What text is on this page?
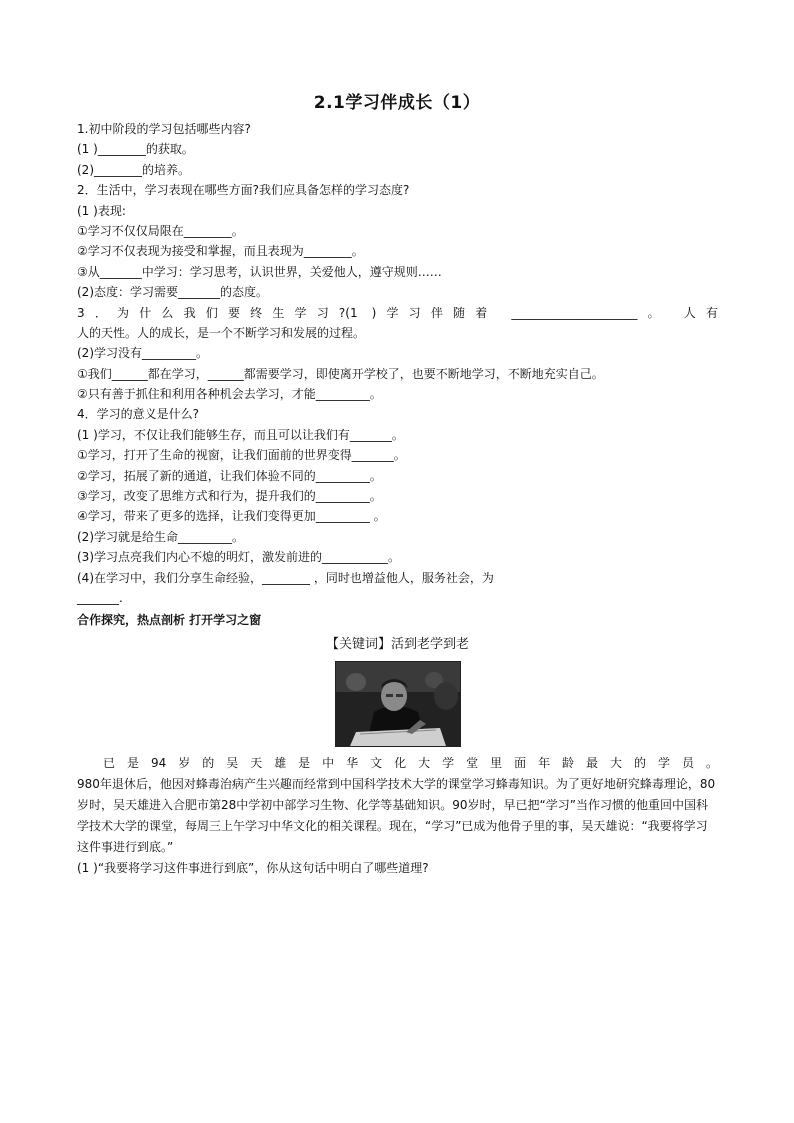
2.1学习伴成长（1）
1.初中阶段的学习包括哪些内容?
(1 )________的获取。
(2)________的培养。
2．生活中，学习表现在哪些方面?我们应具备怎样的学习态度?
(1 )表现:
①学习不仅仅局限在________。
②学习不仅表现为接受和掌握，而且表现为________。
③从_______中学习：学习思考，认识世界，关爱他人，遵守规则……
(2)态度：学习需要_______的态度。
3．为什么我们要终生学习?(1 )学习伴随着 _____________________。 人有
人的天性。人的成长，是一个不断学习和发展的过程。
(2)学习没有_________。
①我们______都在学习，______都需要学习，即使离开学校了，也要不断地学习，不断地充实自己。
②只有善于抓住和利用各种机会去学习，才能_________。
4．学习的意义是什么?
(1 )学习，不仅让我们能够生存，而且可以让我们有_______。
①学习，打开了生命的视窗，让我们面前的世界变得_______。
②学习，拓展了新的通道，让我们体验不同的_________。
③学习，改变了思维方式和行为，提升我们的_________。
④学习，带来了更多的选择，让我们变得更加_________ 。
(2)学习就是给生命_________。
(3)学习点亮我们内心不熄的明灯，激发前进的___________。
(4)在学习中，我们分享生命经验，________ ，同时也增益他人，服务社会，为
_______.
合作探究，热点剖析 打开学习之窗
【关键词】活到老学到老
已是94岁的吴天雄是中华文化大学堂里面年龄最大的学员。
980年退休后，他因对蜂毒治病产生兴趣而经常到中国科学技术大学的课堂学习蜂毒知识。为了更好地研究蜂毒理论，80岁时，吴天雄进入合肥市第28中学初中部学习生物、化学等基础知识。90岁时，早已把“学习”当作习惯的他重回中国科学技术大学的课堂，每周三上午学习中华文化的相关课程。现在，“学习”已成为他骨子里的事，吴天雄说：“我要将学习这件事进行到底。”
(1 )“我要将学习这件事进行到底”，你从这句话中明白了哪些道理?
